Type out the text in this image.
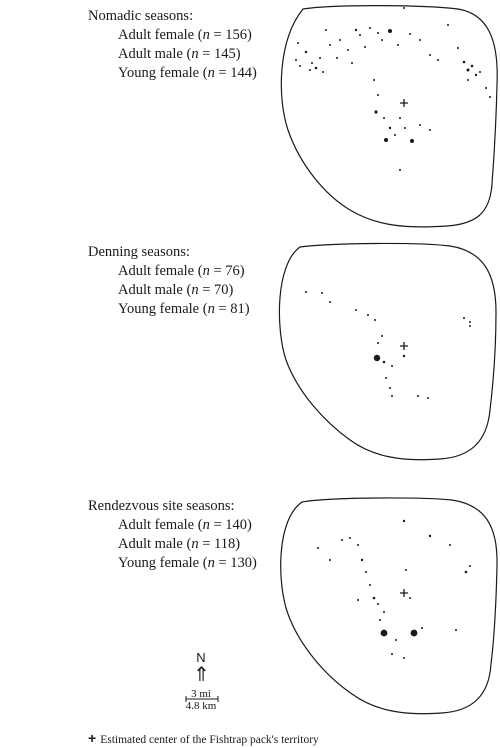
Nomadic seasons:
Adult female (n = 156)
Adult male (n = 145)
Young female (n = 144)
Denning seasons:
Adult female (n = 76)
Adult male (n = 70)
Young female (n = 81)
Rendezvous site seasons:
Adult female (n = 140)
Adult male (n = 118)
Young female (n = 130)
N
⇑
3 mi
4.8 km
+ Estimated center of the Fishtrap pack's territory
